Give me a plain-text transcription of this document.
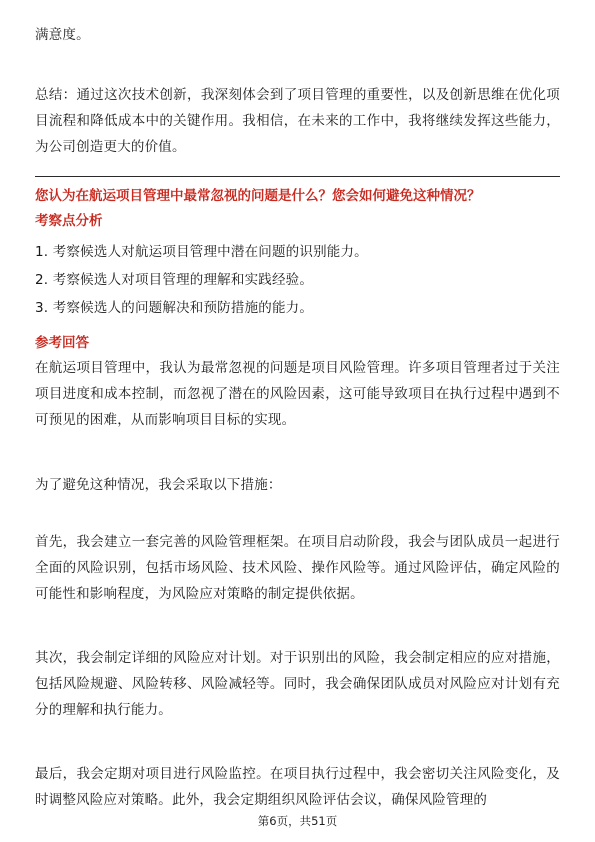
满意度。

总结：通过这次技术创新，我深刻体会到了项目管理的重要性，以及创新思维在优化项目流程和降低成本中的关键作用。我相信，在未来的工作中，我将继续发挥这些能力，为公司创造更大的价值。

您认为在航运项目管理中最常忽视的问题是什么？您会如何避免这种情况？
考察点分析

1. 考察候选人对航运项目管理中潜在问题的识别能力。

2. 考察候选人对项目管理的理解和实践经验。

3. 考察候选人的问题解决和预防措施的能力。

参考回答

在航运项目管理中，我认为最常忽视的问题是项目风险管理。许多项目管理者过于关注项目进度和成本控制，而忽视了潜在的风险因素，这可能导致项目在执行过程中遇到不可预见的困难，从而影响项目目标的实现。

为了避免这种情况，我会采取以下措施：

首先，我会建立一套完善的风险管理框架。在项目启动阶段，我会与团队成员一起进行全面的风险识别，包括市场风险、技术风险、操作风险等。通过风险评估，确定风险的可能性和影响程度，为风险应对策略的制定提供依据。

其次，我会制定详细的风险应对计划。对于识别出的风险，我会制定相应的应对措施，包括风险规避、风险转移、风险减轻等。同时，我会确保团队成员对风险应对计划有充分的理解和执行能力。

最后，我会定期对项目进行风险监控。在项目执行过程中，我会密切关注风险变化，及时调整风险应对策略。此外，我会定期组织风险评估会议，确保风险管理的

第6页，共51页
